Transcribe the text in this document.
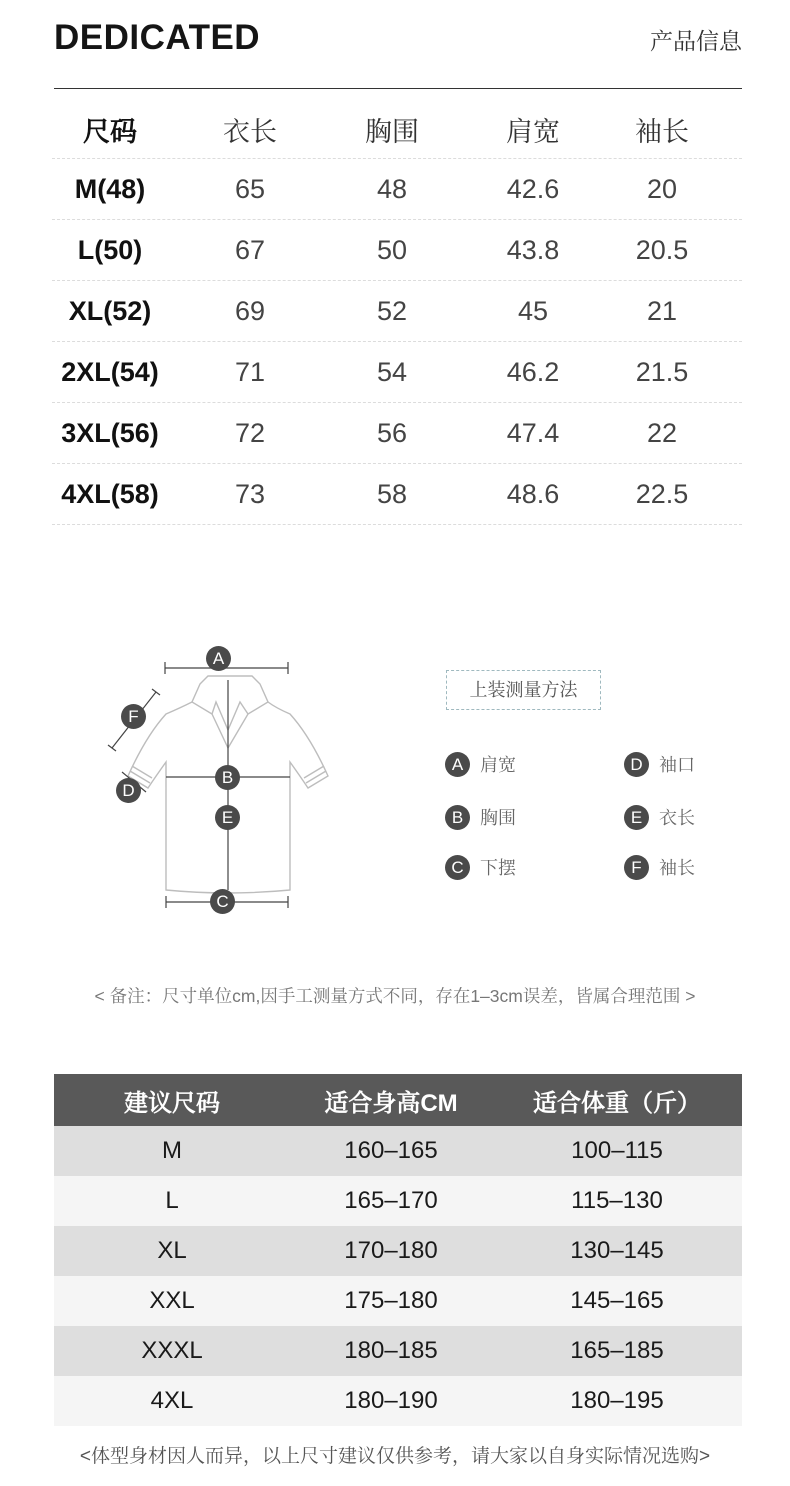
DEDICATED	产品信息
尺码	衣长	胸围	肩宽	袖长
M(48)	65	48	42.6	20
L(50)	67	50	43.8	20.5
XL(52)	69	52	45	21
2XL(54)	71	54	46.2	21.5
3XL(56)	72	56	47.4	22
4XL(58)	73	58	48.6	22.5
A
B
C
D
E
F
上装测量方法
A 肩宽	D 袖口
B 胸围	E 衣长
C 下摆	F 袖长
< 备注：尺寸单位cm,因手工测量方式不同，存在1–3cm误差，皆属合理范围 >
建议尺码	适合身高CM	适合体重（斤）
M	160–165	100–115
L	165–170	115–130
XL	170–180	130–145
XXL	175–180	145–165
XXXL	180–185	165–185
4XL	180–190	180–195
<体型身材因人而异，以上尺寸建议仅供参考，请大家以自身实际情况选购>
